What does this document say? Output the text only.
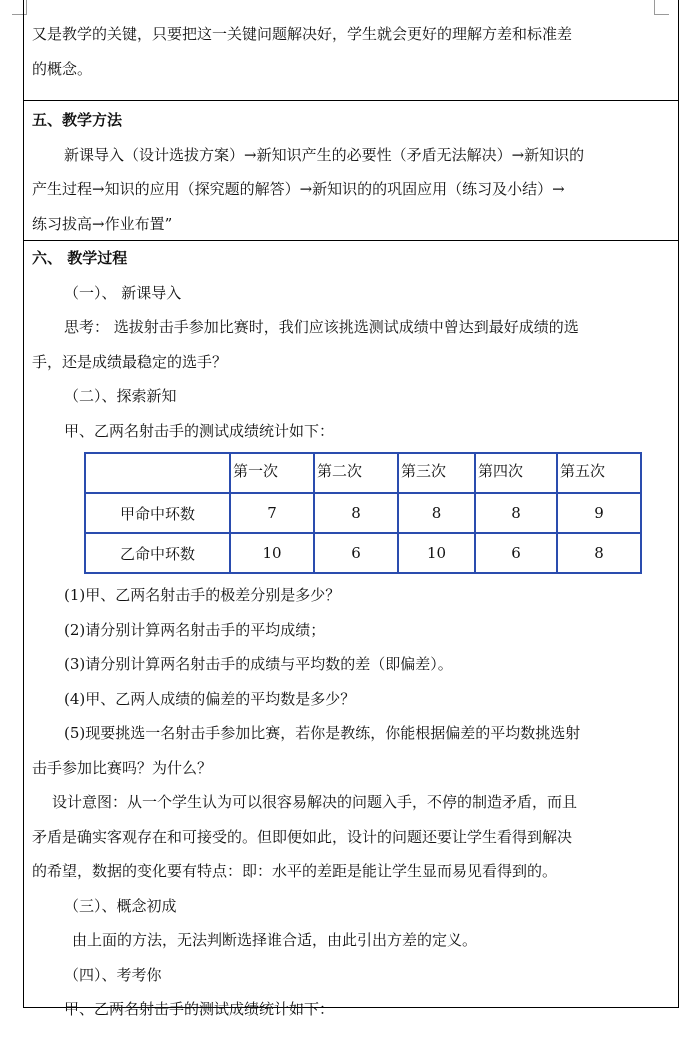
又是教学的关键，只要把这一关键问题解决好，学生就会更好的理解方差和标准差
的概念。
五、教学方法
新课导入（设计选拔方案）→新知识产生的必要性（矛盾无法解决）→新知识的
产生过程→知识的应用（探究题的解答）→新知识的的巩固应用（练习及小结）→
练习拔高→作业布置”
六、 教学过程
（一）、 新课导入
思考： 选拔射击手参加比赛时，我们应该挑选测试成绩中曾达到最好成绩的选
手，还是成绩最稳定的选手？
（二）、探索新知
甲、乙两名射击手的测试成绩统计如下：
	第一次	第二次	第三次	第四次	第五次
甲命中环数	7	8	8	8	9
乙命中环数	10	6	10	6	8
(1)甲、乙两名射击手的极差分别是多少？
(2)请分别计算两名射击手的平均成绩；
(3)请分别计算两名射击手的成绩与平均数的差（即偏差）。
(4)甲、乙两人成绩的偏差的平均数是多少？
(5)现要挑选一名射击手参加比赛，若你是教练，你能根据偏差的平均数挑选射
击手参加比赛吗？为什么？
设计意图：从一个学生认为可以很容易解决的问题入手，不停的制造矛盾，而且
矛盾是确实客观存在和可接受的。但即便如此，设计的问题还要让学生看得到解决
的希望，数据的变化要有特点：即：水平的差距是能让学生显而易见看得到的。
（三）、概念初成
由上面的方法，无法判断选择谁合适，由此引出方差的定义。
（四）、考考你
甲、乙两名射击手的测试成绩统计如下：
